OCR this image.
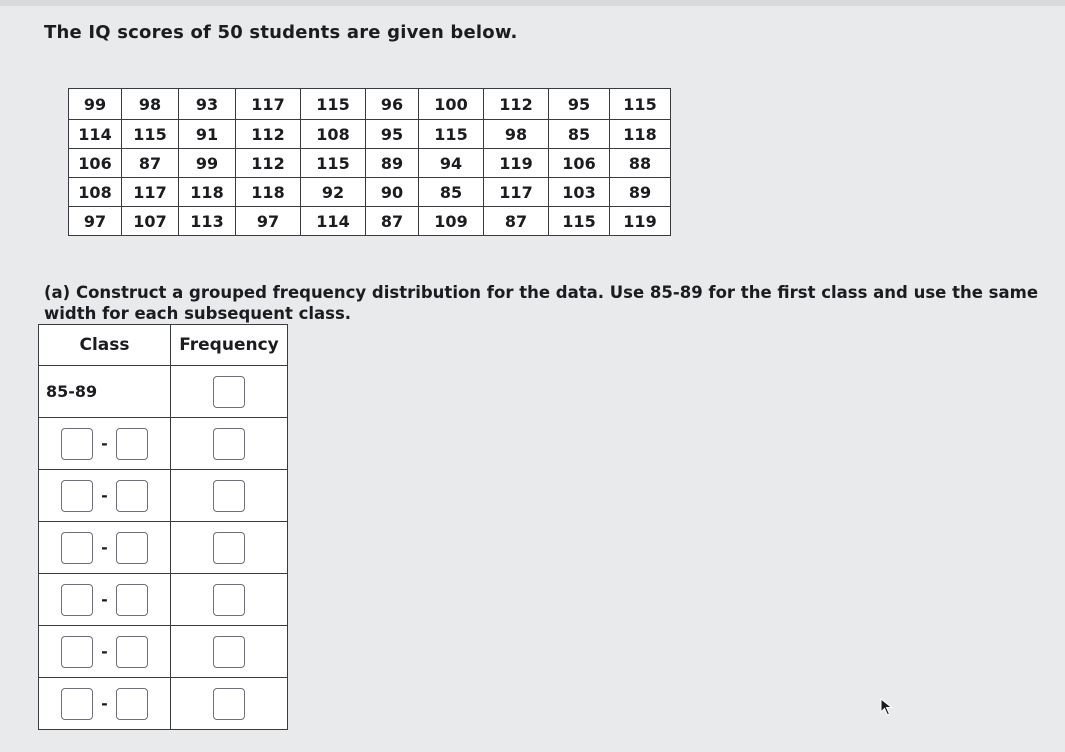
The IQ scores of 50 students are given below.

99	98	93	117	115	96	100	112	95	115
114	115	91	112	108	95	115	98	85	118
106	87	99	112	115	89	94	119	106	88
108	117	118	118	92	90	85	117	103	89
97	107	113	97	114	87	109	87	115	119

(a) Construct a grouped frequency distribution for the data. Use 85-89 for the first class and use the same width for each subsequent class.

Class	Frequency
85-89	

-	

-	

-	

-	

-	

-	
